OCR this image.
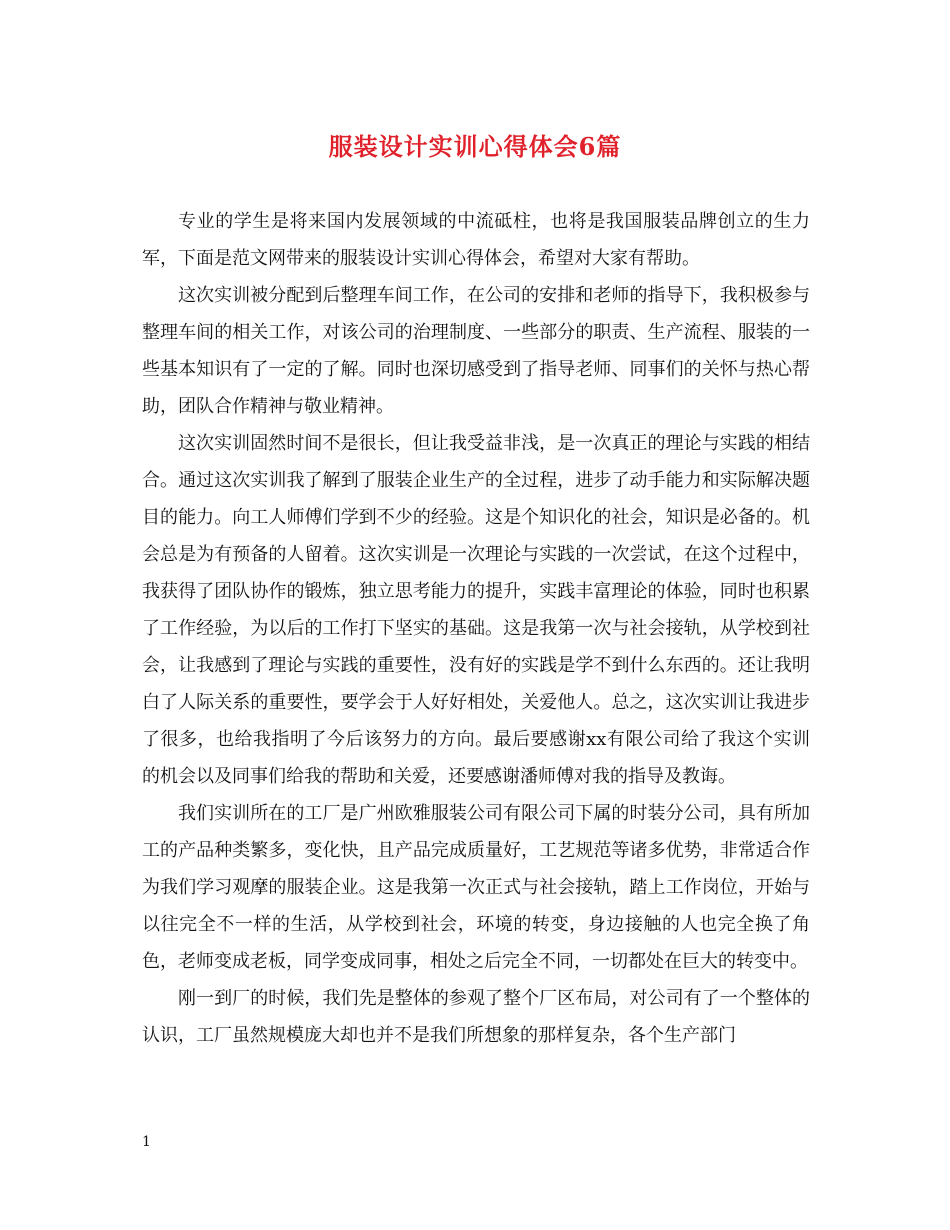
服装设计实训心得体会6篇

专业的学生是将来国内发展领域的中流砥柱，也将是我国服装品牌创立的生力军，下面是范文网带来的服装设计实训心得体会，希望对大家有帮助。

这次实训被分配到后整理车间工作，在公司的安排和老师的指导下，我积极参与整理车间的相关工作，对该公司的治理制度、一些部分的职责、生产流程、服装的一些基本知识有了一定的了解。同时也深切感受到了指导老师、同事们的关怀与热心帮助，团队合作精神与敬业精神。

这次实训固然时间不是很长，但让我受益非浅，是一次真正的理论与实践的相结合。通过这次实训我了解到了服装企业生产的全过程，进步了动手能力和实际解决题目的能力。向工人师傅们学到不少的经验。这是个知识化的社会，知识是必备的。机会总是为有预备的人留着。这次实训是一次理论与实践的一次尝试，在这个过程中，我获得了团队协作的锻炼，独立思考能力的提升，实践丰富理论的体验，同时也积累了工作经验，为以后的工作打下坚实的基础。这是我第一次与社会接轨，从学校到社会，让我感到了理论与实践的重要性，没有好的实践是学不到什么东西的。还让我明白了人际关系的重要性，要学会于人好好相处，关爱他人。总之，这次实训让我进步了很多，也给我指明了今后该努力的方向。最后要感谢xx有限公司给了我这个实训的机会以及同事们给我的帮助和关爱，还要感谢潘师傅对我的指导及教诲。

我们实训所在的工厂是广州欧雅服装公司有限公司下属的时装分公司，具有所加工的产品种类繁多，变化快，且产品完成质量好，工艺规范等诸多优势，非常适合作为我们学习观摩的服装企业。这是我第一次正式与社会接轨，踏上工作岗位，开始与以往完全不一样的生活，从学校到社会，环境的转变，身边接触的人也完全换了角色，老师变成老板，同学变成同事，相处之后完全不同，一切都处在巨大的转变中。

刚一到厂的时候，我们先是整体的参观了整个厂区布局，对公司有了一个整体的认识，工厂虽然规模庞大却也并不是我们所想象的那样复杂，各个生产部门

1
